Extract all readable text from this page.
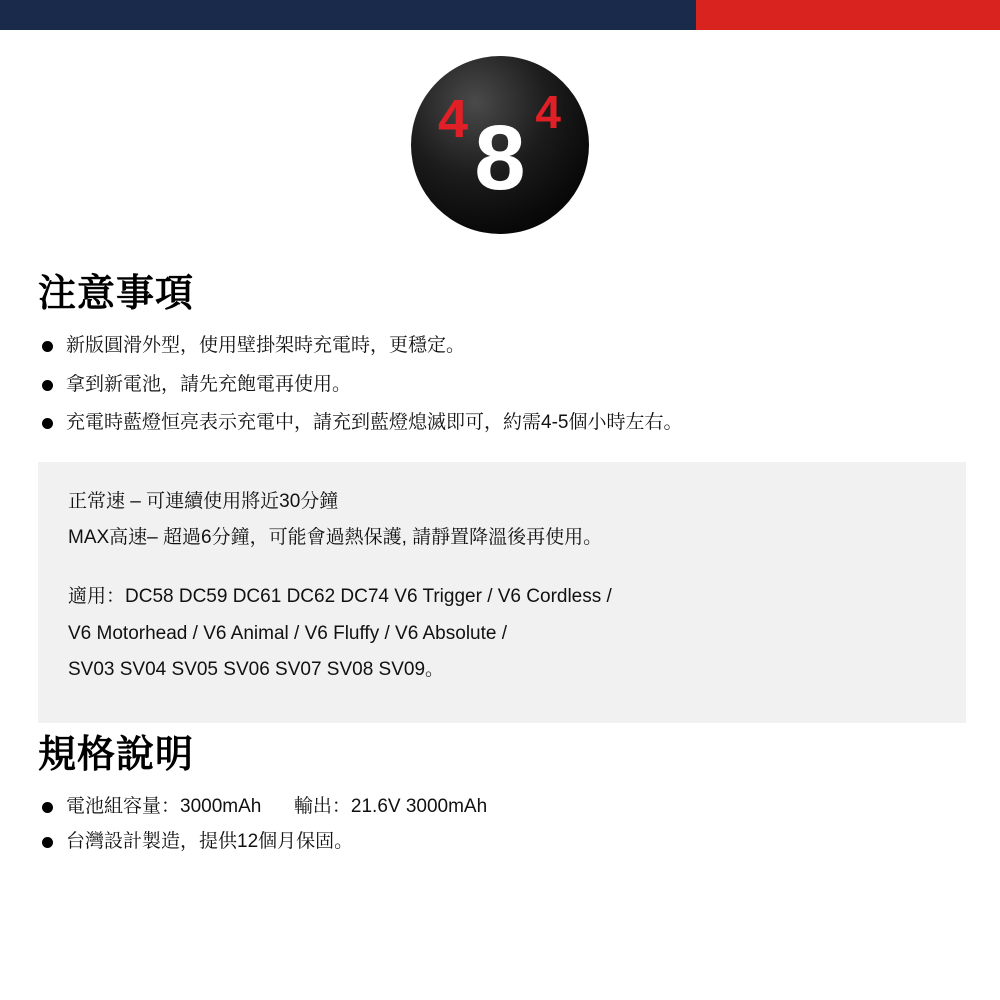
4 4
8
注意事項
新版圓滑外型，使用壁掛架時充電時，更穩定。
拿到新電池，請先充飽電再使用。
充電時藍燈恒亮表示充電中，請充到藍燈熄滅即可，約需4-5個小時左右。

正常速 – 可連續使用將近30分鐘

MAX高速– 超過6分鐘，可能會過熱保護, 請靜置降溫後再使用。

適用：DC58 DC59 DC61 DC62 DC74 V6 Trigger / V6 Cordless /

V6 Motorhead / V6 Animal / V6 Fluffy / V6 Absolute /

SV03 SV04 SV05 SV06 SV07 SV08 SV09。

規格說明
電池組容量：3000mAh 輸出：21.6V 3000mAh
台灣設計製造，提供12個月保固。
